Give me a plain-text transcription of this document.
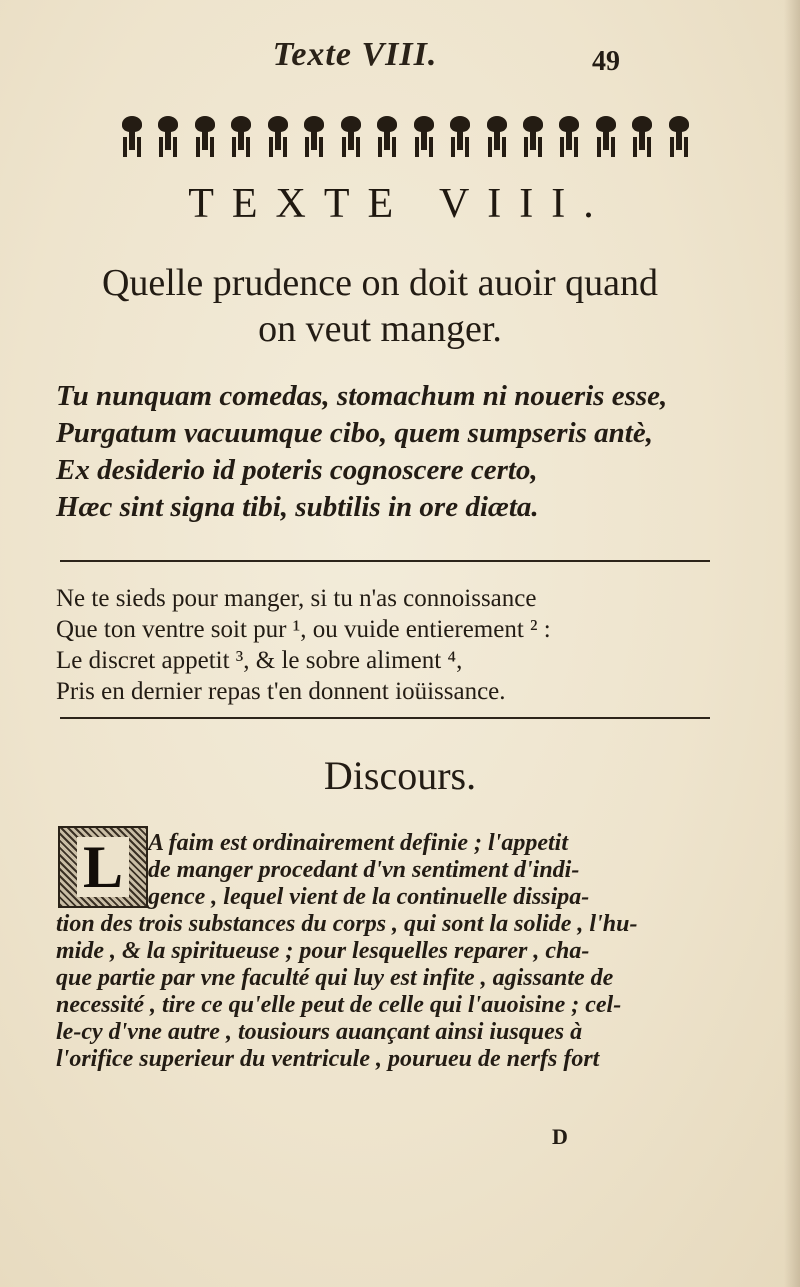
Texte VIII.	49
TEXTE VIII.
Quelle prudence on doit auoir quand
on veut manger.
Tu nunquam comedas, stomachum ni noueris esse,
Purgatum vacuumque cibo, quem sumpseris antè,
Ex desiderio id poteris cognoscere certo,
Hæc sint signa tibi, subtilis in ore diæta.
Ne te sieds pour manger, si tu n'as connoissance
Que ton ventre soit pur ¹, ou vuide entierement ² :
Le discret appetit ³, & le sobre aliment ⁴,
Pris en dernier repas t'en donnent ioüissance.
Discours.
L A faim est ordinairement definie ; l'appetit
de manger procedant d'vn sentiment d'indi-
gence , lequel vient de la continuelle dissipa-
tion des trois substances du corps , qui sont la solide , l'hu-
mide , & la spiritueuse ; pour lesquelles reparer , cha-
que partie par vne faculté qui luy est infite , agissante de
necessité , tire ce qu'elle peut de celle qui l'auoisine ; cel-
le-cy d'vne autre , tousiours auançant ainsi iusques à
l'orifice superieur du ventricule , pourueu de nerfs fort
D
